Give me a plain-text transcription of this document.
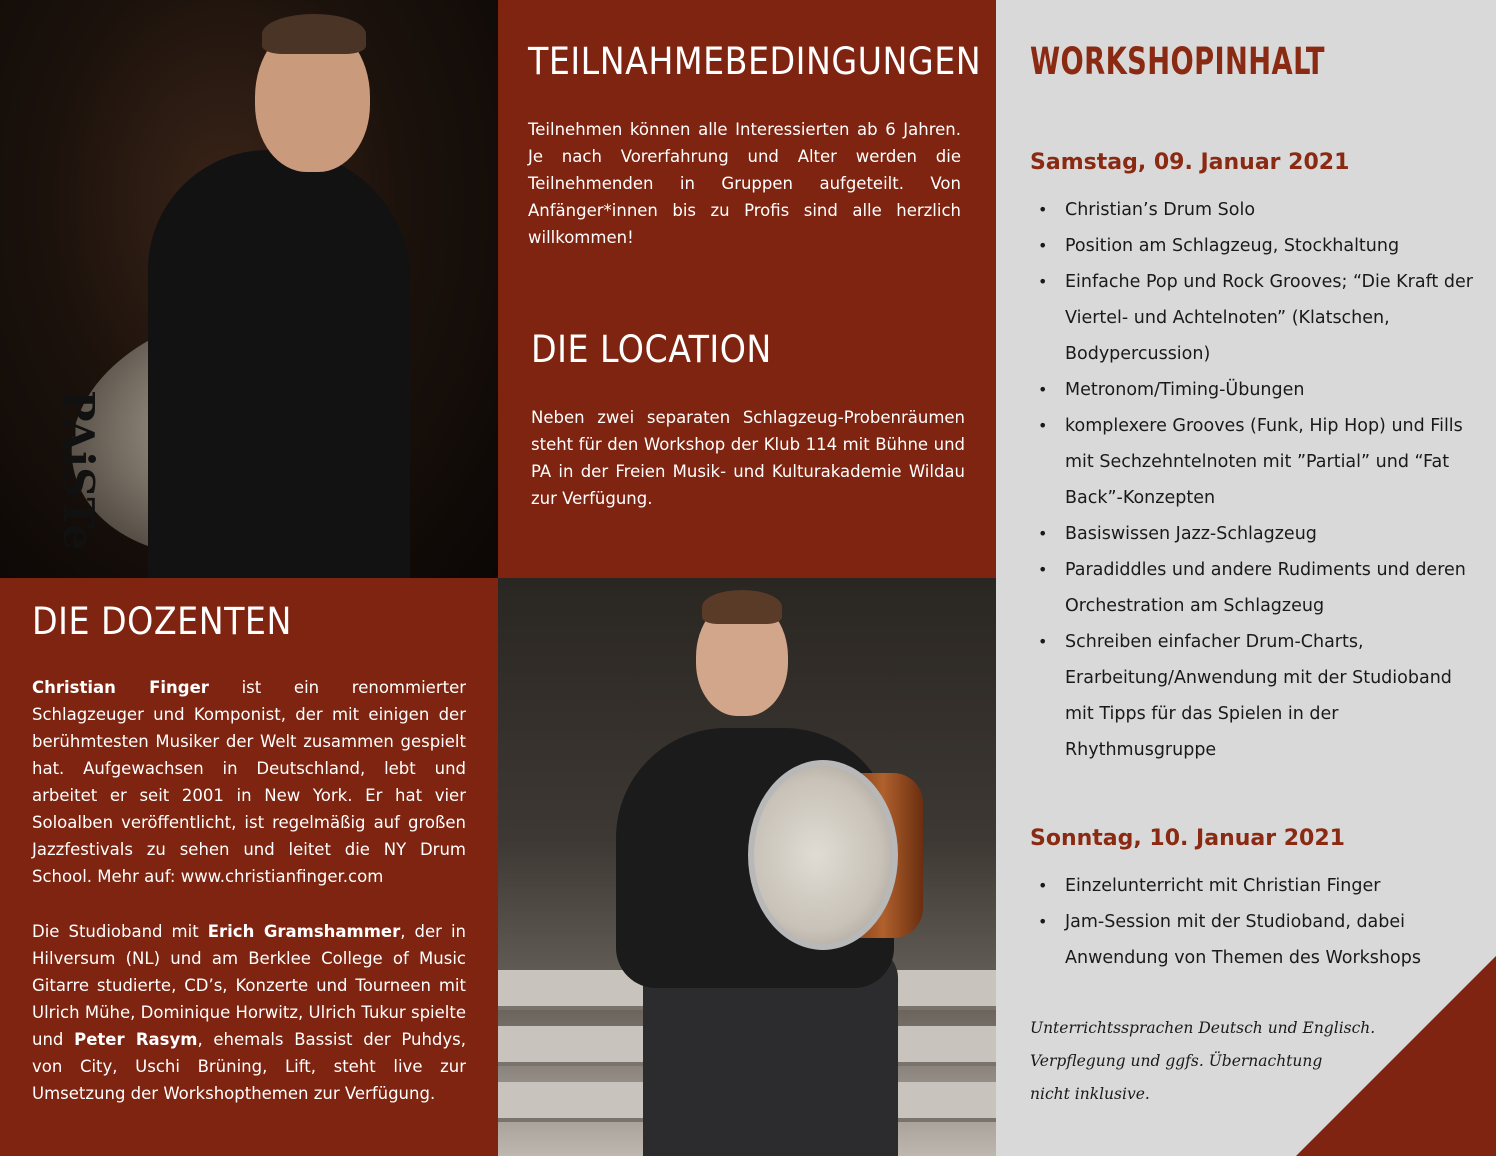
PAiSTe
TEILNAHMEBEDINGUNGEN

Teilnehmen können alle Interessierten ab 6 Jahren. Je nach Vorerfahrung und Alter werden die Teilnehmenden in Gruppen aufgeteilt. Von Anfänger*innen bis zu Profis sind alle herzlich willkommen!

DIE LOCATION

Neben zwei separaten Schlagzeug-Probenräumen steht für den Workshop der Klub 114 mit Bühne und PA in der Freien Musik- und Kulturakademie Wildau zur Verfügung.

DIE DOZENTEN

Christian Finger ist ein renommierter Schlagzeuger und Komponist, der mit einigen der berühmtesten Musiker der Welt zusammen gespielt hat. Aufgewachsen in Deutschland, lebt und arbeitet er seit 2001 in New York. Er hat vier Soloalben veröffentlicht, ist regelmäßig auf großen Jazzfestivals zu sehen und leitet die NY Drum School. Mehr auf: www.christianfinger.com

Die Studioband mit Erich Gramshammer, der in Hilversum (NL) und am Berklee College of Music Gitarre studierte, CD’s, Konzerte und Tourneen mit Ulrich Mühe, Dominique Horwitz, Ulrich Tukur spielte und Peter Rasym, ehemals Bassist der Puhdys, von City, Uschi Brüning, Lift, steht live zur Umsetzung der Workshopthemen zur Verfügung.

WORKSHOPINHALT
Samstag, 09. Januar 2021
• Christian’s Drum Solo
• Position am Schlagzeug, Stockhaltung
• Einfache Pop und Rock Grooves; “Die Kraft der Viertel- und Achtelnoten” (Klatschen, Bodypercussion)
• Metronom/Timing-Übungen
• komplexere Grooves (Funk, Hip Hop) und Fills mit Sechzehntelnoten mit ”Partial” und “Fat Back”-Konzepten
• Basiswissen Jazz-Schlagzeug
• Paradiddles und andere Rudiments und deren Orchestration am Schlagzeug
• Schreiben einfacher Drum-Charts, Erarbeitung/Anwendung mit der Studioband mit Tipps für das Spielen in der Rhythmusgruppe
Sonntag, 10. Januar 2021
• Einzelunterricht mit Christian Finger
• Jam-Session mit der Studioband, dabei Anwendung von Themen des Workshops
Unterrichtssprachen Deutsch und Englisch.
Verpflegung und ggfs. Übernachtung
nicht inklusive.
